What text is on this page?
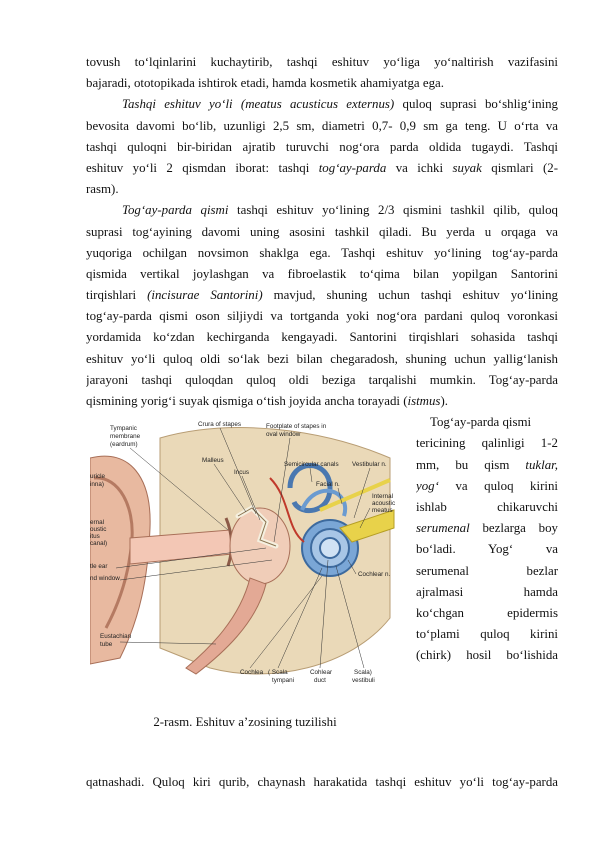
tovush to‘lqinlarini kuchaytirib, tashqi eshituv yo‘liga yo‘naltirish vazifasini
bajaradi, ototopikada ishtirok etadi, hamda kosmetik ahamiyatga ega.
Tashqi eshituv yo‘li (meatus acusticus externus) quloq suprasi bo‘shlig‘ining
bevosita davomi bo‘lib, uzunligi 2,5 sm, diametri 0,7- 0,9 sm ga teng. U o‘rta va
tashqi quloqni bir-biridan ajratib turuvchi nog‘ora parda oldida tugaydi. Tashqi
eshituv yo‘li 2 qismdan iborat: tashqi tog‘ay-parda va ichki suyak qismlari (2-
rasm).
Tog‘ay-parda qismi tashqi eshituv yo‘lining 2/3 qismini tashkil qilib, quloq
suprasi tog‘ayining davomi uning asosini tashkil qiladi. Bu yerda u orqaga va
yuqoriga ochilgan novsimon shaklga ega. Tashqi eshituv yo‘lining tog‘ay-parda
qismida vertikal joylashgan va fibroelastik to‘qima bilan yopilgan Santorini
tirqishlari (incisurae Santorini) mavjud, shuning uchun tashqi eshituv yo‘lining
tog‘ay-parda qismi oson siljiydi va tortganda yoki nog‘ora pardani quloq voronkasi
yordamida ko‘zdan kechirganda kengayadi. Santorini tirqishlari sohasida tashqi
eshituv yo‘li quloq oldi so‘lak bezi bilan chegaradosh, shuning uchun yallig‘lanish
jarayoni tashqi quloqdan quloq oldi beziga tarqalishi mumkin. Tog‘ay-parda
qismining yorig‘i suyak qismiga o‘tish joyida ancha torayadi (istmus).
Tympanic
membrane
(eardrum)
Crura of stapes	Footplate of stapes in
oval window
Malleus
Incus
Semicircular canals Vestibular n.
Facial n.
Internal
acoustic
meatus
uricle
inna)
ernal
oustic
itus
canal)
tle ear
nd window
Cochlear n.
Eustachian
tube
Cochlea ( Scala
tympani
Cohlear
duct
Scala)
vestibuli
2-rasm. Eshituv a’zosining tuzilishi
Tog‘ay-parda qismi
tericining qalinligi 1-2
mm, bu qism tuklar,
yog‘ va quloq kirini
ishlab chikaruvchi
serumenal bezlarga boy
bo‘ladi. Yog‘ va
serumenal bezlar
ajralmasi hamda
ko‘chgan epidermis
to‘plami quloq kirini
(chirk) hosil bo‘lishida
qatnashadi. Quloq kiri qurib, chaynash harakatida tashqi eshituv yo‘li tog‘ay-parda
